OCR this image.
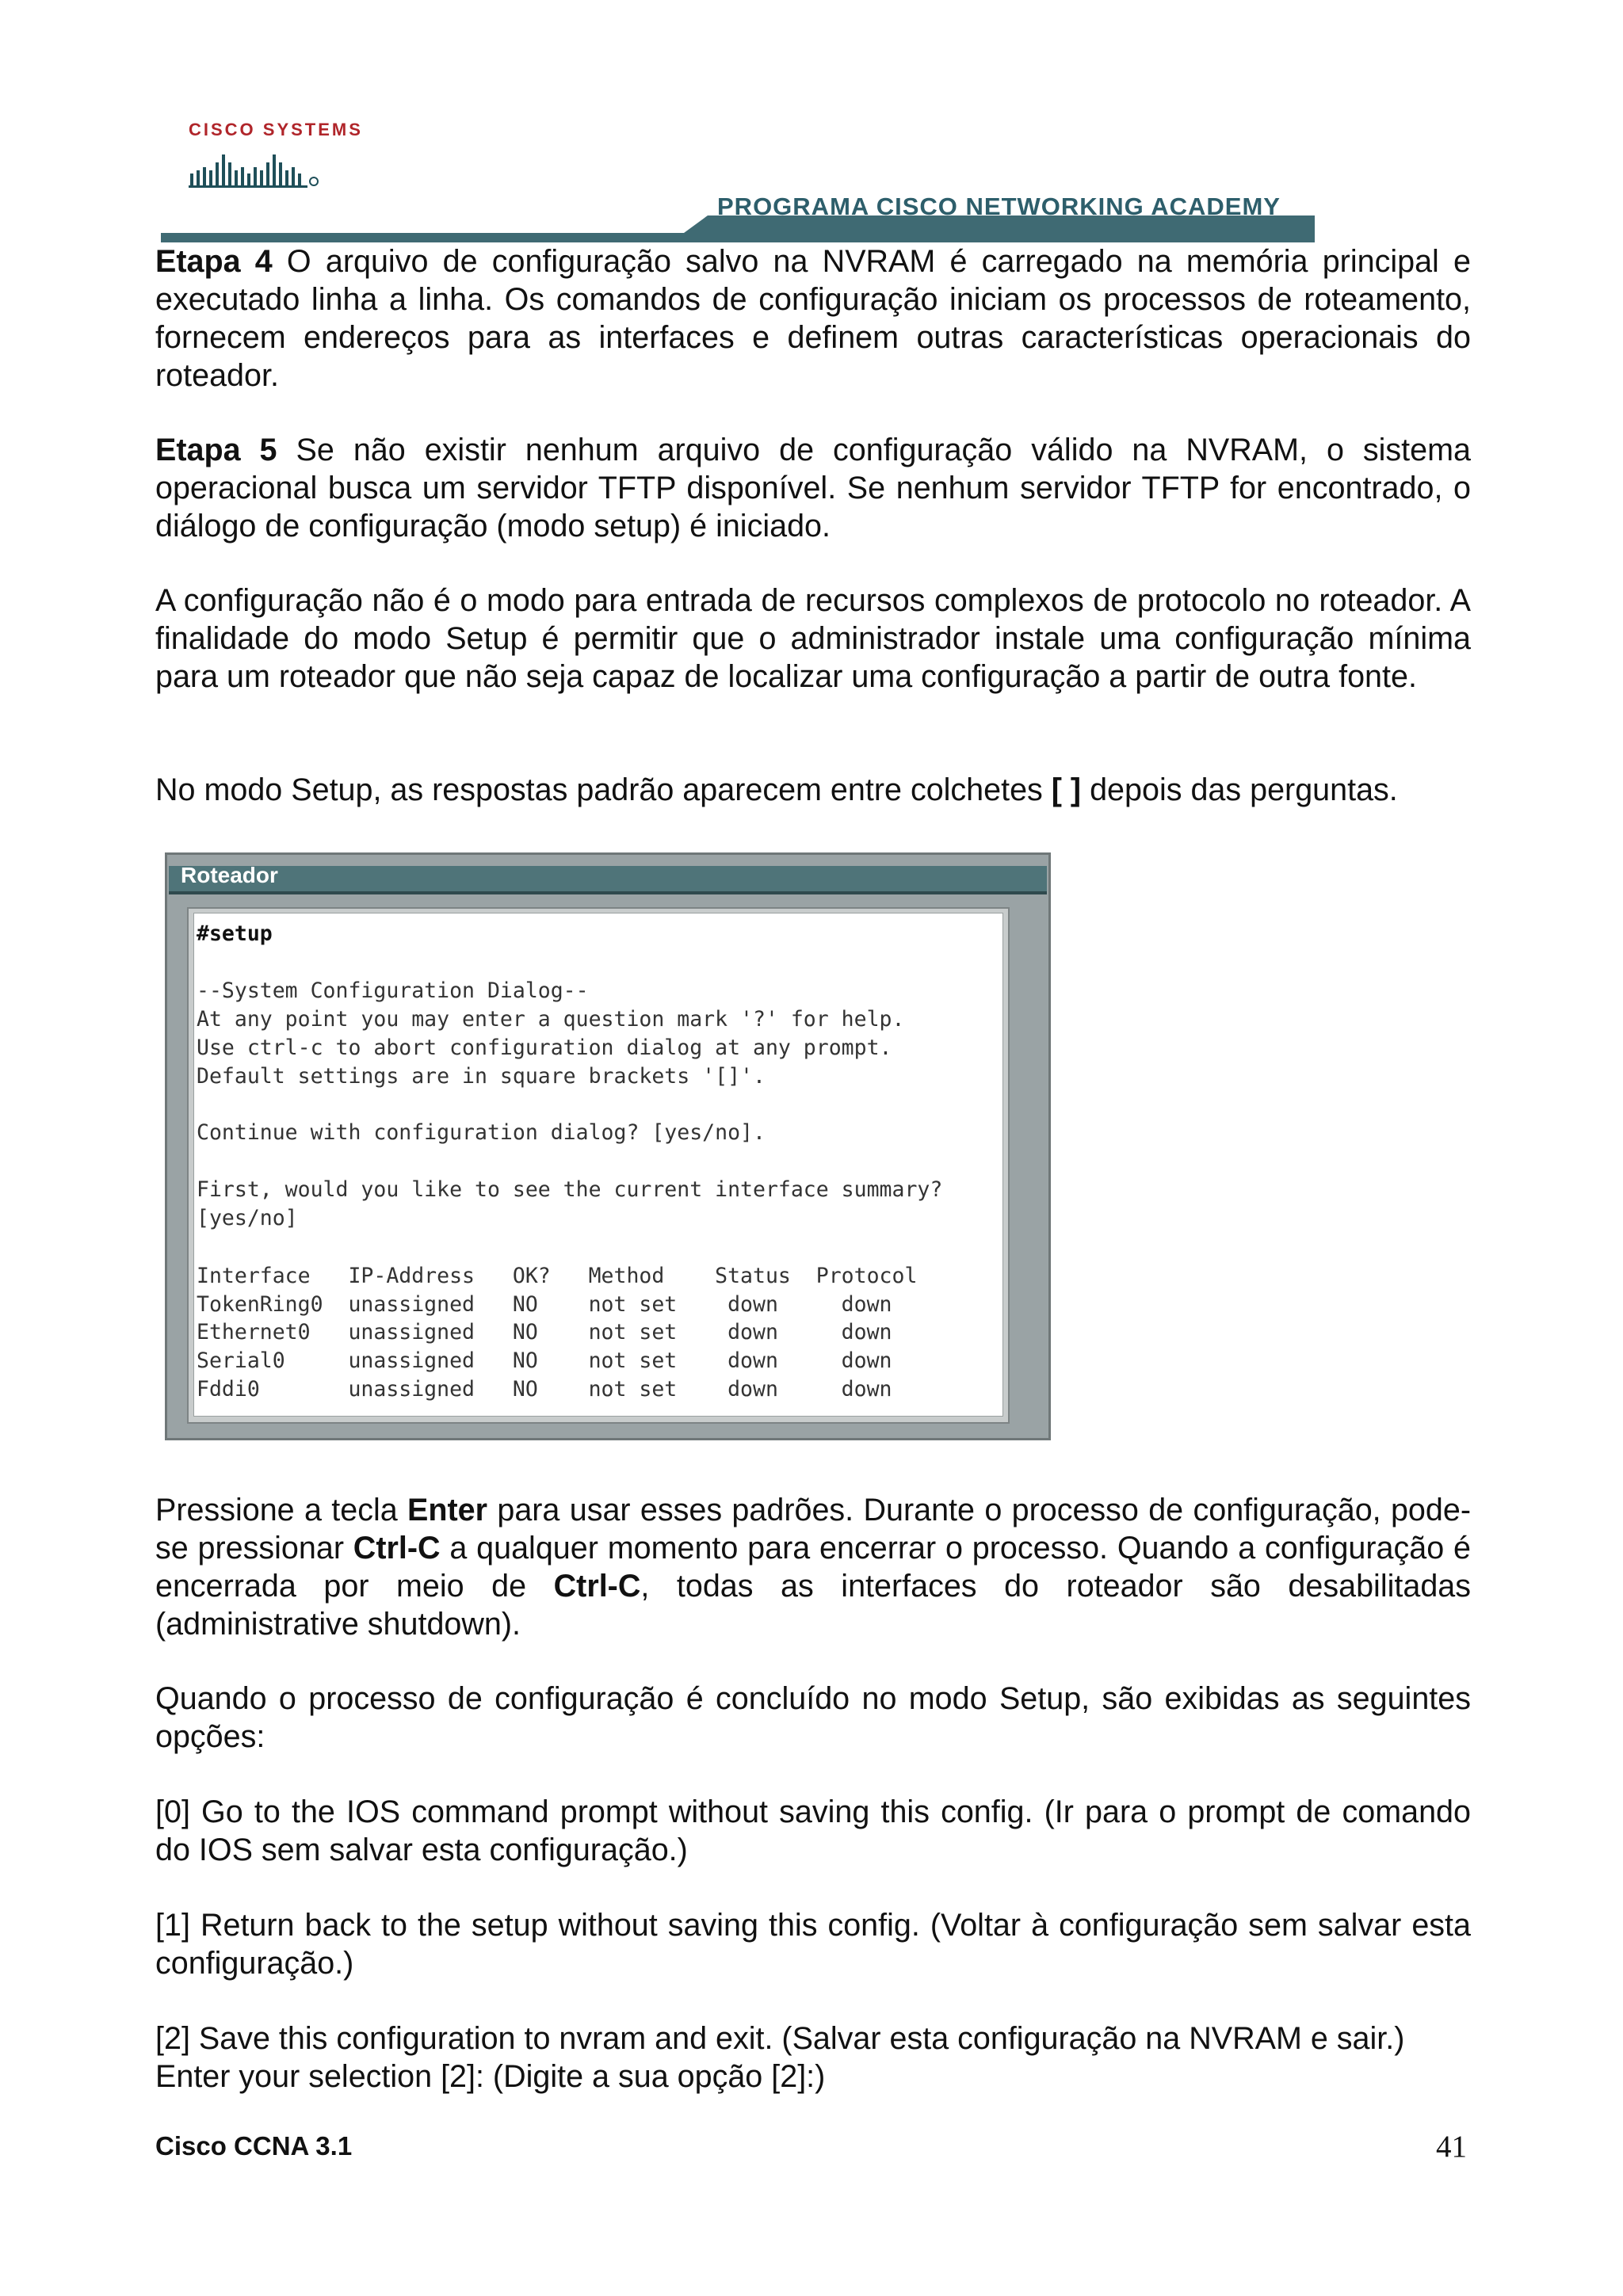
CISCO SYSTEMS
PROGRAMA CISCO NETWORKING ACADEMY

Etapa 4 O arquivo de configuração salvo na NVRAM é carregado na memória principal e executado linha a linha. Os comandos de configuração iniciam os processos de roteamento, fornecem endereços para as interfaces e definem outras características operacionais do roteador.

Etapa 5 Se não existir nenhum arquivo de configuração válido na NVRAM, o sistema operacional busca um servidor TFTP disponível. Se nenhum servidor TFTP for encontrado, o diálogo de configuração (modo setup) é iniciado.

A configuração não é o modo para entrada de recursos complexos de protocolo no roteador. A finalidade do modo Setup é permitir que o administrador instale uma configuração mínima para um roteador que não seja capaz de localizar uma configuração a partir de outra fonte.

No modo Setup, as respostas padrão aparecem entre colchetes [ ] depois das perguntas.

Roteador
#setup
--System Configuration Dialog--
At any point you may enter a question mark '?' for help.
Use ctrl-c to abort configuration dialog at any prompt.
Default settings are in square brackets '[]'.
Continue with configuration dialog? [yes/no].
First, would you like to see the current interface summary?
[yes/no]
Interface   IP-Address   OK?   Method    Status  Protocol
TokenRing0  unassigned   NO    not set    down     down
Ethernet0   unassigned   NO    not set    down     down
Serial0     unassigned   NO    not set    down     down
Fddi0       unassigned   NO    not set    down     down

Pressione a tecla Enter para usar esses padrões. Durante o processo de configuração, pode-se pressionar Ctrl-C a qualquer momento para encerrar o processo. Quando a configuração é encerrada por meio de Ctrl-C, todas as interfaces do roteador são desabilitadas (administrative shutdown).

Quando o processo de configuração é concluído no modo Setup, são exibidas as seguintes opções:

[0] Go to the IOS command prompt without saving this config. (Ir para o prompt de comando do IOS sem salvar esta configuração.)

[1] Return back to the setup without saving this config. (Voltar à configuração sem salvar esta configuração.)

[2] Save this configuration to nvram and exit. (Salvar esta configuração na NVRAM e sair.)
Enter your selection [2]: (Digite a sua opção [2]:)

Cisco CCNA 3.1	41
